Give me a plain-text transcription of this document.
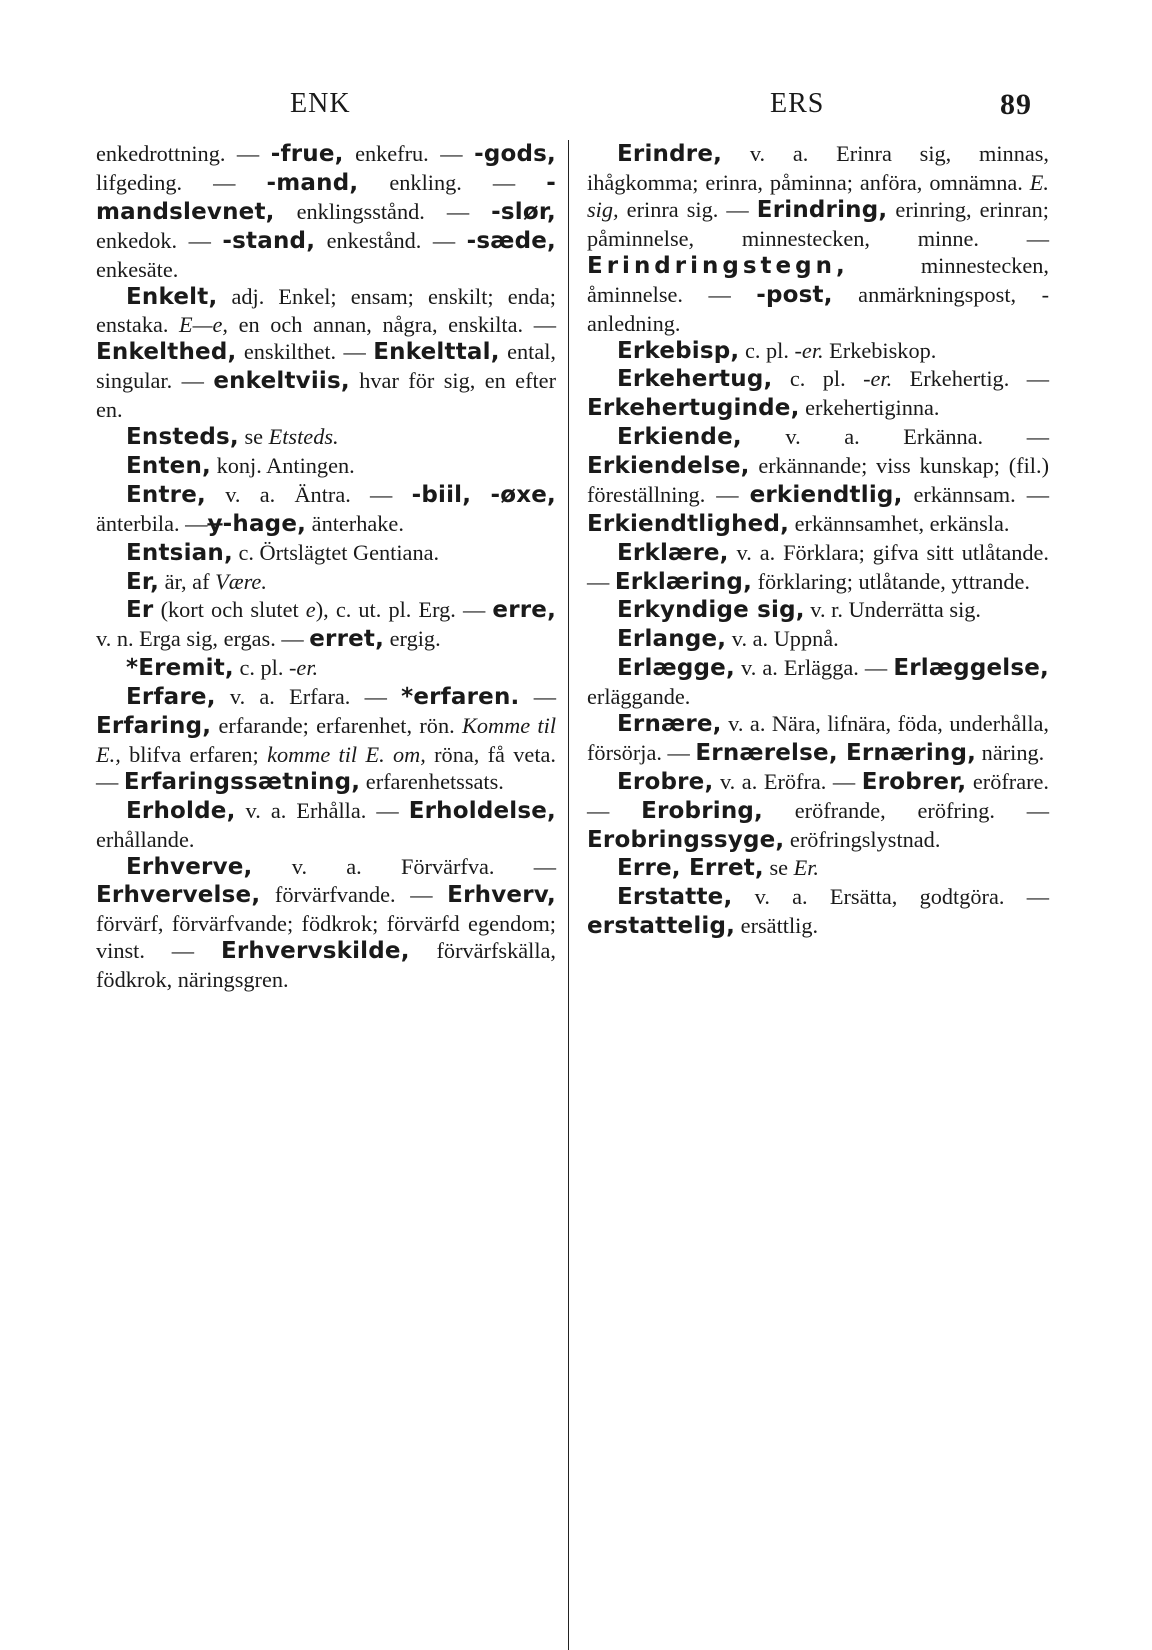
ENK	ERS	89

enkedrottning. — -frue, enkefru. — -gods, lifgeding. — -mand, enkling. — -mandslevnet, enklingsstånd. — -slør, enkedok. — -stand, enkestånd. — -sæde, enkesäte.

Enkelt, adj. Enkel; ensam; enskilt; enda; enstaka. E—e, en och annan, några, enskilta. — Enkelthed, enskilthet. — Enkelttal, ental, singular. — enkeltviis, hvar för sig, en efter en.

Ensteds, se Etsteds.

Enten, konj. Antingen.

Entre, v. a. Äntra. — -biil, -øxe, änterbila. —ɏ-hage, änterhake.

Entsian, c. Örtslägtet Gentiana.

Er, är, af Være.

Er (kort och slutet e), c. ut. pl. Erg. — erre, v. n. Erga sig, ergas. — erret, ergig.

*Eremit, c. pl. -er.

Erfare, v. a. Erfara. — *erfaren. — Erfaring, erfarande; erfarenhet, rön. Komme til E., blifva erfaren; komme til E. om, röna, få veta. — Erfaringssætning, erfarenhetssats.

Erholde, v. a. Erhålla. — Erholdelse, erhållande.

Erhverve, v. a. Förvärfva. — Erhvervelse, förvärfvande. — Erhverv, förvärf, förvärfvande; födkrok; förvärfd egendom; vinst. — Erhvervskilde, förvärfskälla, födkrok, näringsgren.

Erindre, v. a. Erinra sig, minnas, ihågkomma; erinra, påminna; anföra, omnämna. E. sig, erinra sig. — Erindring, erinring, erinran; påminnelse, minnestecken, minne. — Erindringstegn, minnestecken, åminnelse. — -post, anmärkningspost, -anledning.

Erkebisp, c. pl. -er. Erkebiskop.

Erkehertug, c. pl. -er. Erkehertig. — Erkehertuginde, erkehertiginna.

Erkiende, v. a. Erkänna. — Erkiendelse, erkännande; viss kunskap; (fil.) föreställning. — erkiendtlig, erkännsam. — Erkiendtlighed, erkännsamhet, erkänsla.

Erklære, v. a. Förklara; gifva sitt utlåtande. — Erklæring, förklaring; utlåtande, yttrande.

Erkyndige sig, v. r. Underrätta sig.

Erlange, v. a. Uppnå.

Erlægge, v. a. Erlägga. — Erlæggelse, erläggande.

Ernære, v. a. Nära, lifnära, föda, underhålla, försörja. — Ernærelse, Ernæring, näring.

Erobre, v. a. Eröfra. — Erobrer, eröfrare. — Erobring, eröfrande, eröfring. — Erobringssyge, eröfringslystnad.

Erre, Erret, se Er.

Erstatte, v. a. Ersätta, godtgöra. — erstattelig, ersättlig.
